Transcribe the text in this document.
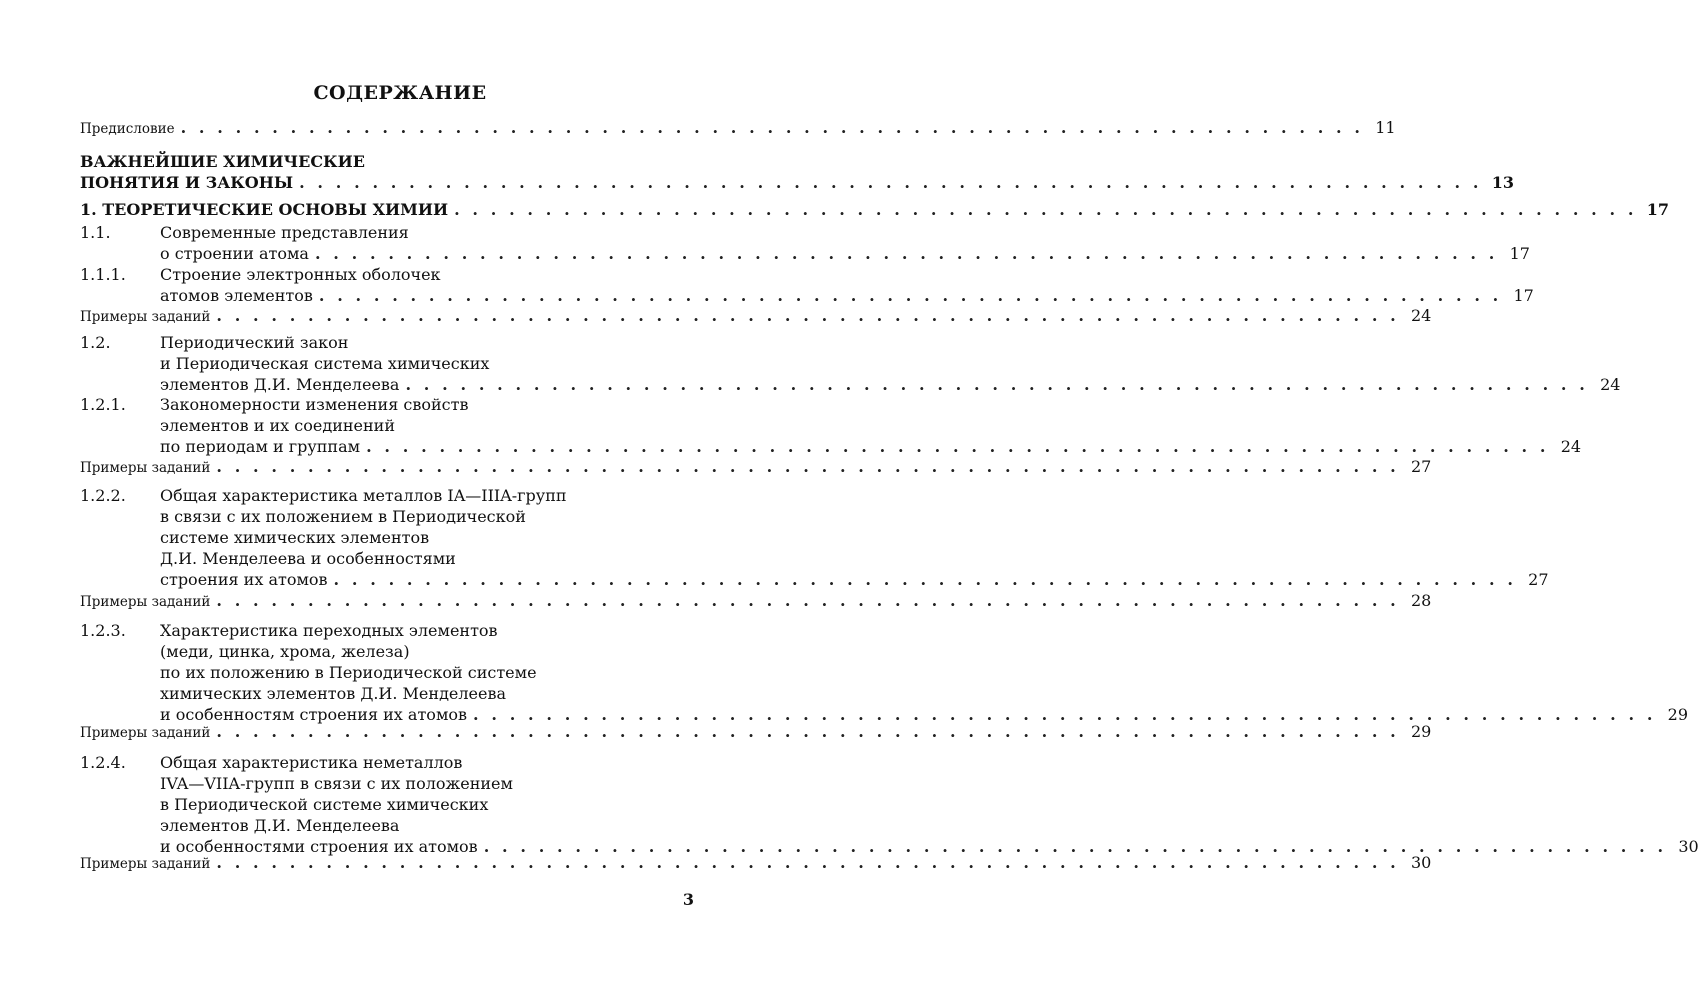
СОДЕРЖАНИЕ
Предисловие . . . . . . . . . . . . . . . . . . . . . . . . . . . . . . . . . . . . . . . . . . . . . . . . . . . . . . . . . . . . . . . . . 11
ВАЖНЕЙШИЕ ХИМИЧЕСКИЕ
ПОНЯТИЯ И ЗАКОНЫ . . . . . . . . . . . . . . . . . . . . . . . . . . . . . . . . . . . . . . . . . . . . . . . . . . . . . . . . . . . . . . . . . 13
1. ТЕОРЕТИЧЕСКИЕ ОСНОВЫ ХИМИИ . . . . . . . . . . . . . . . . . . . . . . . . . . . . . . . . . . . . . . . . . . . . . . . . . . . . . . . . . . . . . . . . . 17
1.1.	Современные представления
о строении атома . . . . . . . . . . . . . . . . . . . . . . . . . . . . . . . . . . . . . . . . . . . . . . . . . . . . . . . . . . . . . . . . . 17
1.1.1. Строение электронных оболочек
атомов элементов . . . . . . . . . . . . . . . . . . . . . . . . . . . . . . . . . . . . . . . . . . . . . . . . . . . . . . . . . . . . . . . . . 17
Примеры заданий . . . . . . . . . . . . . . . . . . . . . . . . . . . . . . . . . . . . . . . . . . . . . . . . . . . . . . . . . . . . . . . . . 24
1.2.	Периодический закон
и Периодическая система химических
элементов Д.И. Менделеева . . . . . . . . . . . . . . . . . . . . . . . . . . . . . . . . . . . . . . . . . . . . . . . . . . . . . . . . . . . . . . . . . 24
1.2.1. Закономерности изменения свойств
элементов и их соединений
по периодам и группам . . . . . . . . . . . . . . . . . . . . . . . . . . . . . . . . . . . . . . . . . . . . . . . . . . . . . . . . . . . . . . . . . 24
Примеры заданий . . . . . . . . . . . . . . . . . . . . . . . . . . . . . . . . . . . . . . . . . . . . . . . . . . . . . . . . . . . . . . . . . 27
1.2.2. Общая характеристика металлов IA—IIIA-групп
в связи с их положением в Периодической
системе химических элементов
Д.И. Менделеева и особенностями
строения их атомов . . . . . . . . . . . . . . . . . . . . . . . . . . . . . . . . . . . . . . . . . . . . . . . . . . . . . . . . . . . . . . . . . 27
Примеры заданий . . . . . . . . . . . . . . . . . . . . . . . . . . . . . . . . . . . . . . . . . . . . . . . . . . . . . . . . . . . . . . . . . 28
1.2.3. Характеристика переходных элементов
(меди, цинка, хрома, железа)
по их положению в Периодической системе
химических элементов Д.И. Менделеева
и особенностям строения их атомов . . . . . . . . . . . . . . . . . . . . . . . . . . . . . . . . . . . . . . . . . . . . . . . . . . . . . . . . . . . . . . . . . 29
Примеры заданий . . . . . . . . . . . . . . . . . . . . . . . . . . . . . . . . . . . . . . . . . . . . . . . . . . . . . . . . . . . . . . . . . 29
1.2.4. Общая характеристика неметаллов
IVA—VIIA-групп в связи с их положением
в Периодической системе химических
элементов Д.И. Менделеева
и особенностями строения их атомов . . . . . . . . . . . . . . . . . . . . . . . . . . . . . . . . . . . . . . . . . . . . . . . . . . . . . . . . . . . . . . . . . 30
Примеры заданий . . . . . . . . . . . . . . . . . . . . . . . . . . . . . . . . . . . . . . . . . . . . . . . . . . . . . . . . . . . . . . . . . 30
3
